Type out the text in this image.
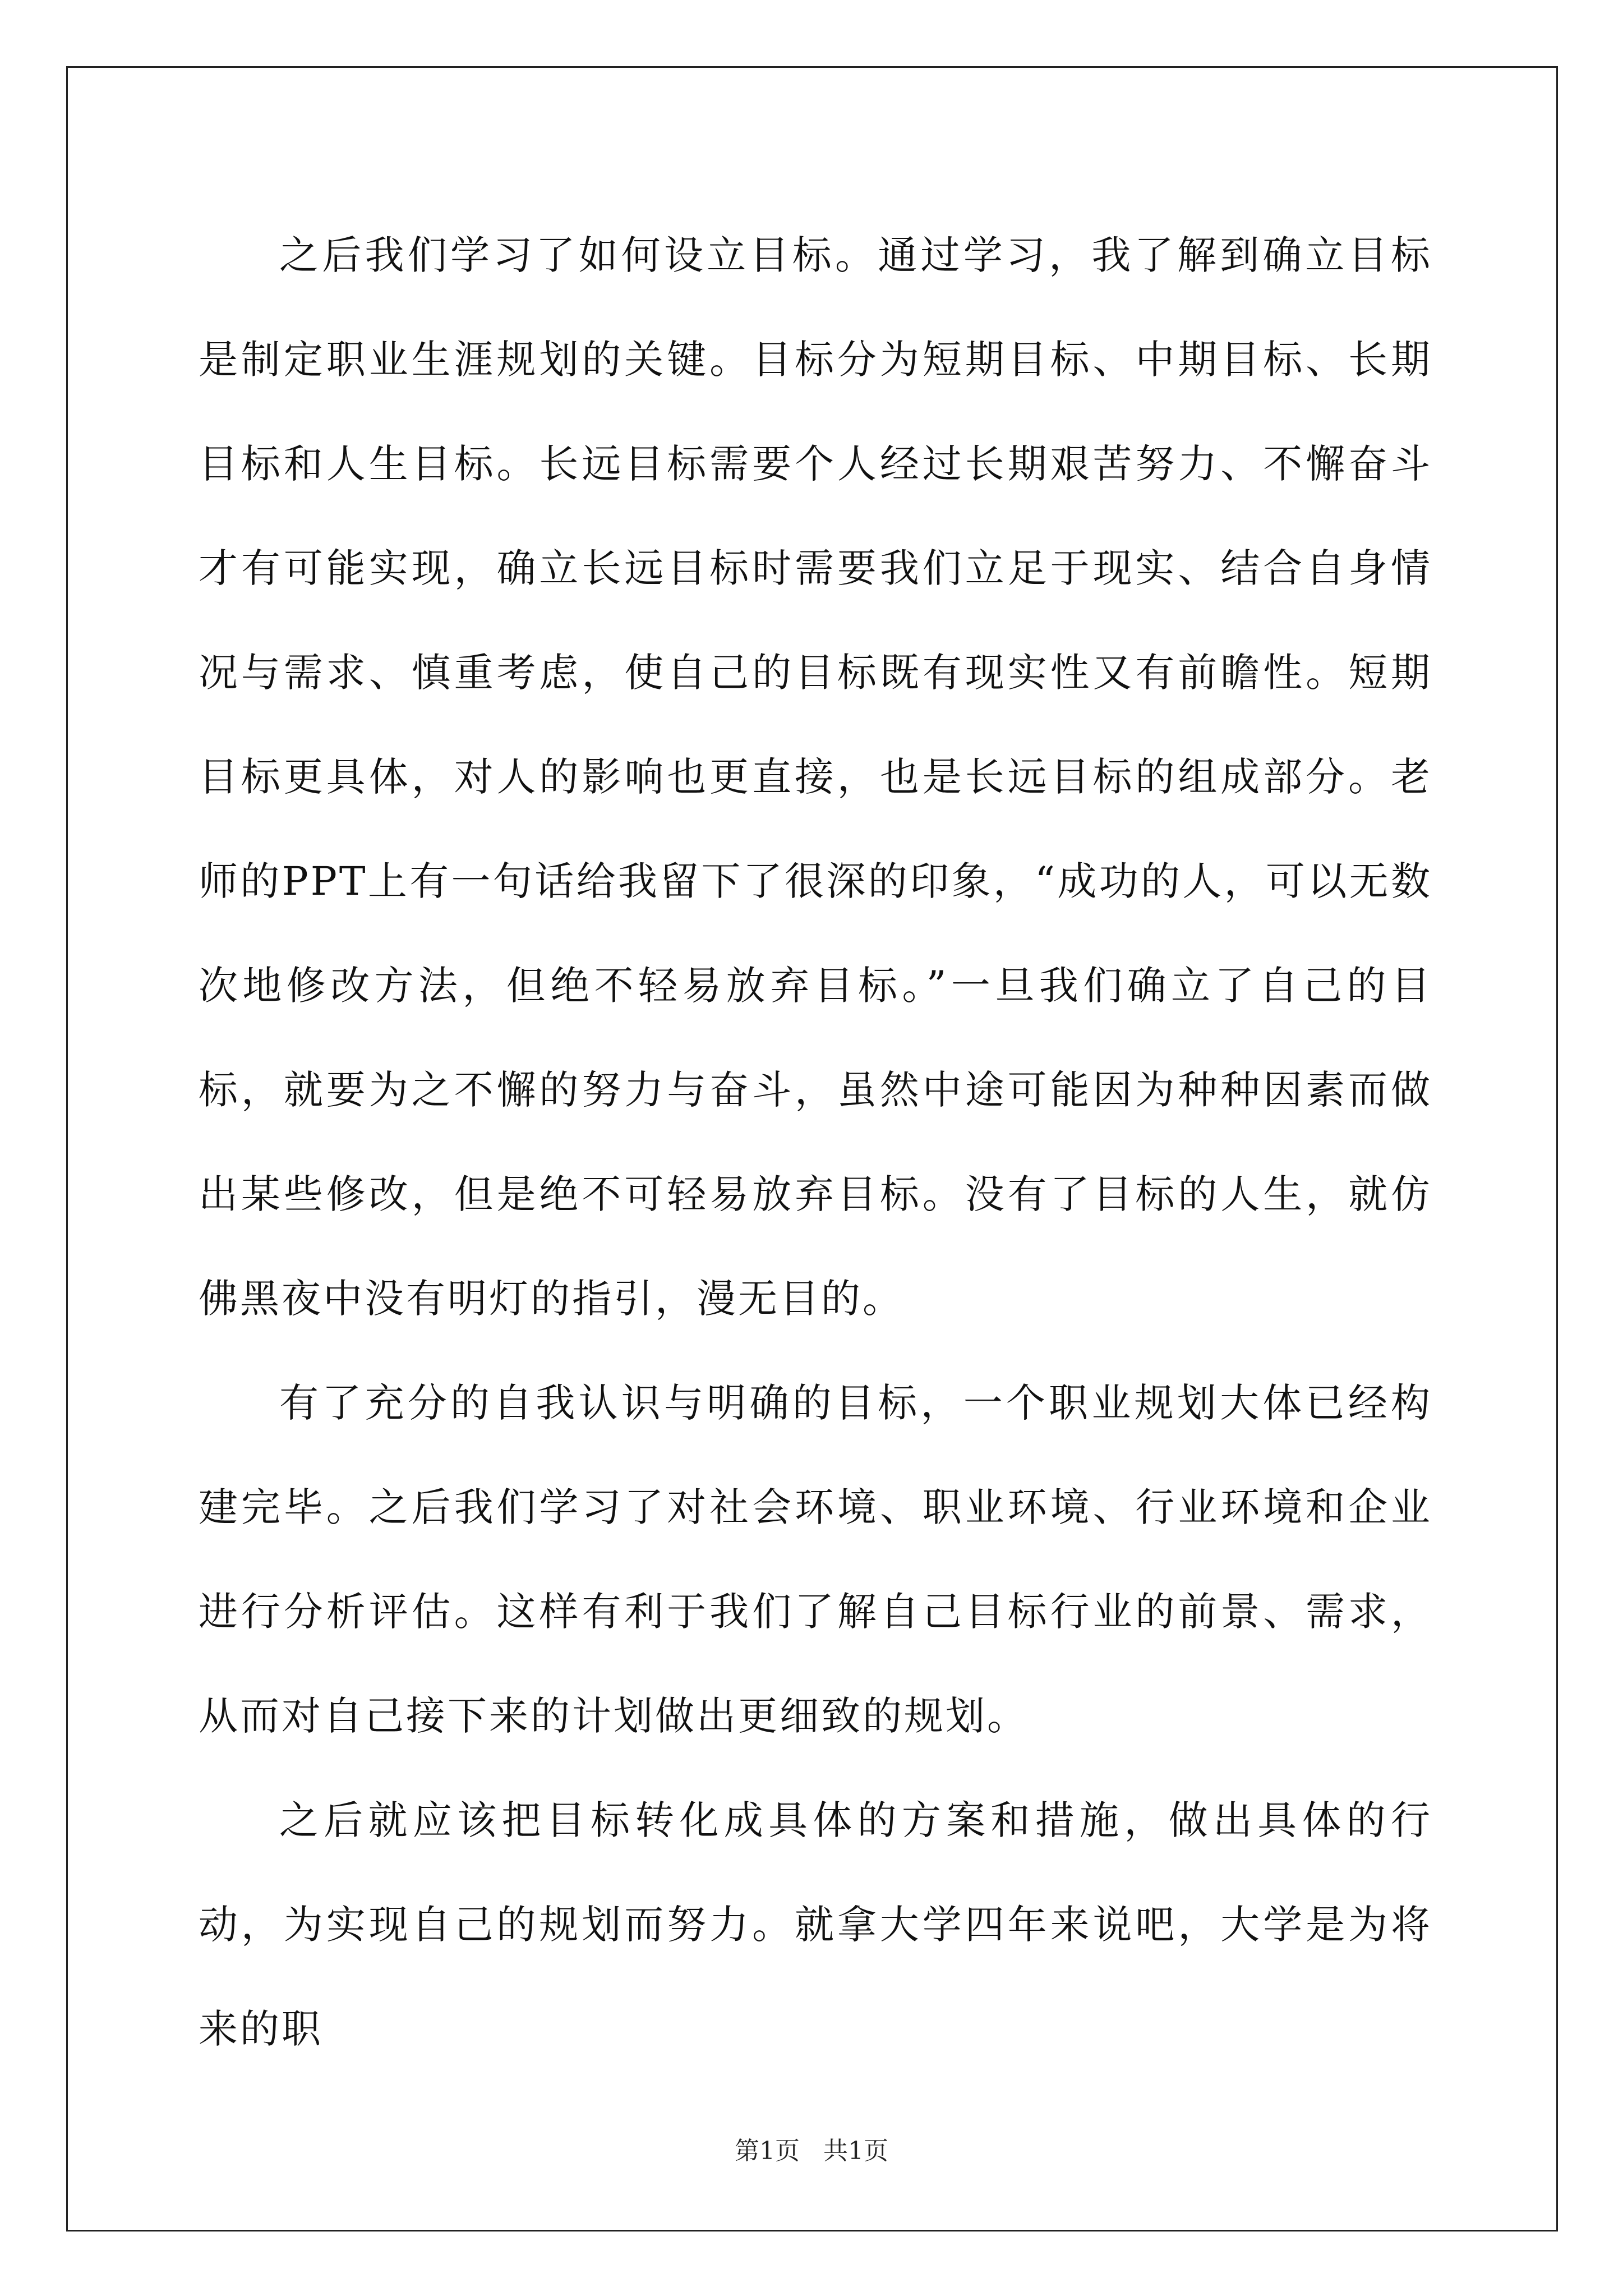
之后我们学习了如何设立目标。通过学习，我了解到确立目标是制定职业生涯规划的关键。目标分为短期目标、中期目标、长期目标和人生目标。长远目标需要个人经过长期艰苦努力、不懈奋斗才有可能实现，确立长远目标时需要我们立足于现实、结合自身情况与需求、慎重考虑，使自己的目标既有现实性又有前瞻性。短期目标更具体，对人的影响也更直接，也是长远目标的组成部分。老师的PPT上有一句话给我留下了很深的印象，“成功的人，可以无数次地修改方法，但绝不轻易放弃目标。”一旦我们确立了自己的目标，就要为之不懈的努力与奋斗，虽然中途可能因为种种因素而做出某些修改，但是绝不可轻易放弃目标。没有了目标的人生，就仿佛黑夜中没有明灯的指引，漫无目的。

有了充分的自我认识与明确的目标，一个职业规划大体已经构建完毕。之后我们学习了对社会环境、职业环境、行业环境和企业进行分析评估。这样有利于我们了解自己目标行业的前景、需求，从而对自己接下来的计划做出更细致的规划。

之后就应该把目标转化成具体的方案和措施，做出具体的行动，为实现自己的规划而努力。就拿大学四年来说吧，大学是为将来的职

第1页   共1页
